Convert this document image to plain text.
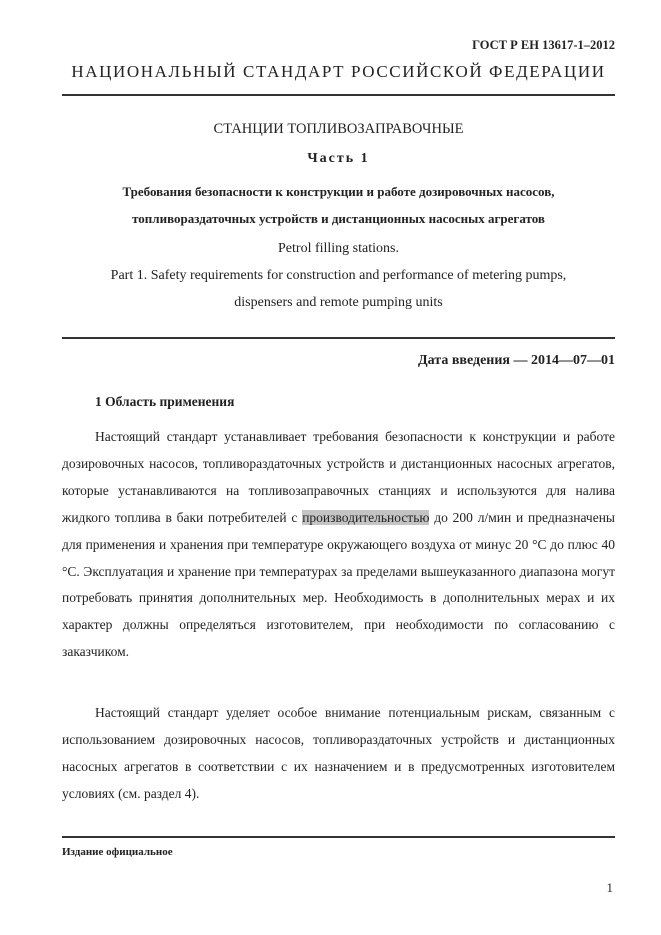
ГОСТ Р ЕН 13617-1–2012
НАЦИОНАЛЬНЫЙ СТАНДАРТ РОССИЙСКОЙ ФЕДЕРАЦИИ
СТАНЦИИ ТОПЛИВОЗАПРАВОЧНЫЕ
Часть 1
Требования безопасности к конструкции и работе дозировочных насосов,
топливораздаточных устройств и дистанционных насосных агрегатов
Petrol filling stations.
Part 1. Safety requirements for construction and performance of metering pumps,
dispensers and remote pumping units
Дата введения — 2014—07—01
1 Область применения

Настоящий стандарт устанавливает требования безопасности к конструкции и работе дозировочных насосов, топливораздаточных устройств и дистанционных насосных агрегатов, которые устанавливаются на топливозаправочных станциях и используются для налива жидкого топлива в баки потребителей с производительностью до 200 л/мин и предназначены для применения и хранения при температуре окружающего воздуха от минус 20 °С до плюс 40 °С. Эксплуатация и хранение при температурах за пределами вышеуказанного диапазона могут потребовать принятия дополнительных мер. Необходимость в дополнительных мерах и их характер должны определяться изготовителем, при необходимости по согласованию с заказчиком.

Настоящий стандарт уделяет особое внимание потенциальным рискам, связанным с использованием дозировочных насосов, топливораздаточных устройств и дистанционных насосных агрегатов в соответствии с их назначением и в предусмотренных изготовителем условиях (см. раздел 4).

Издание официальное
1
